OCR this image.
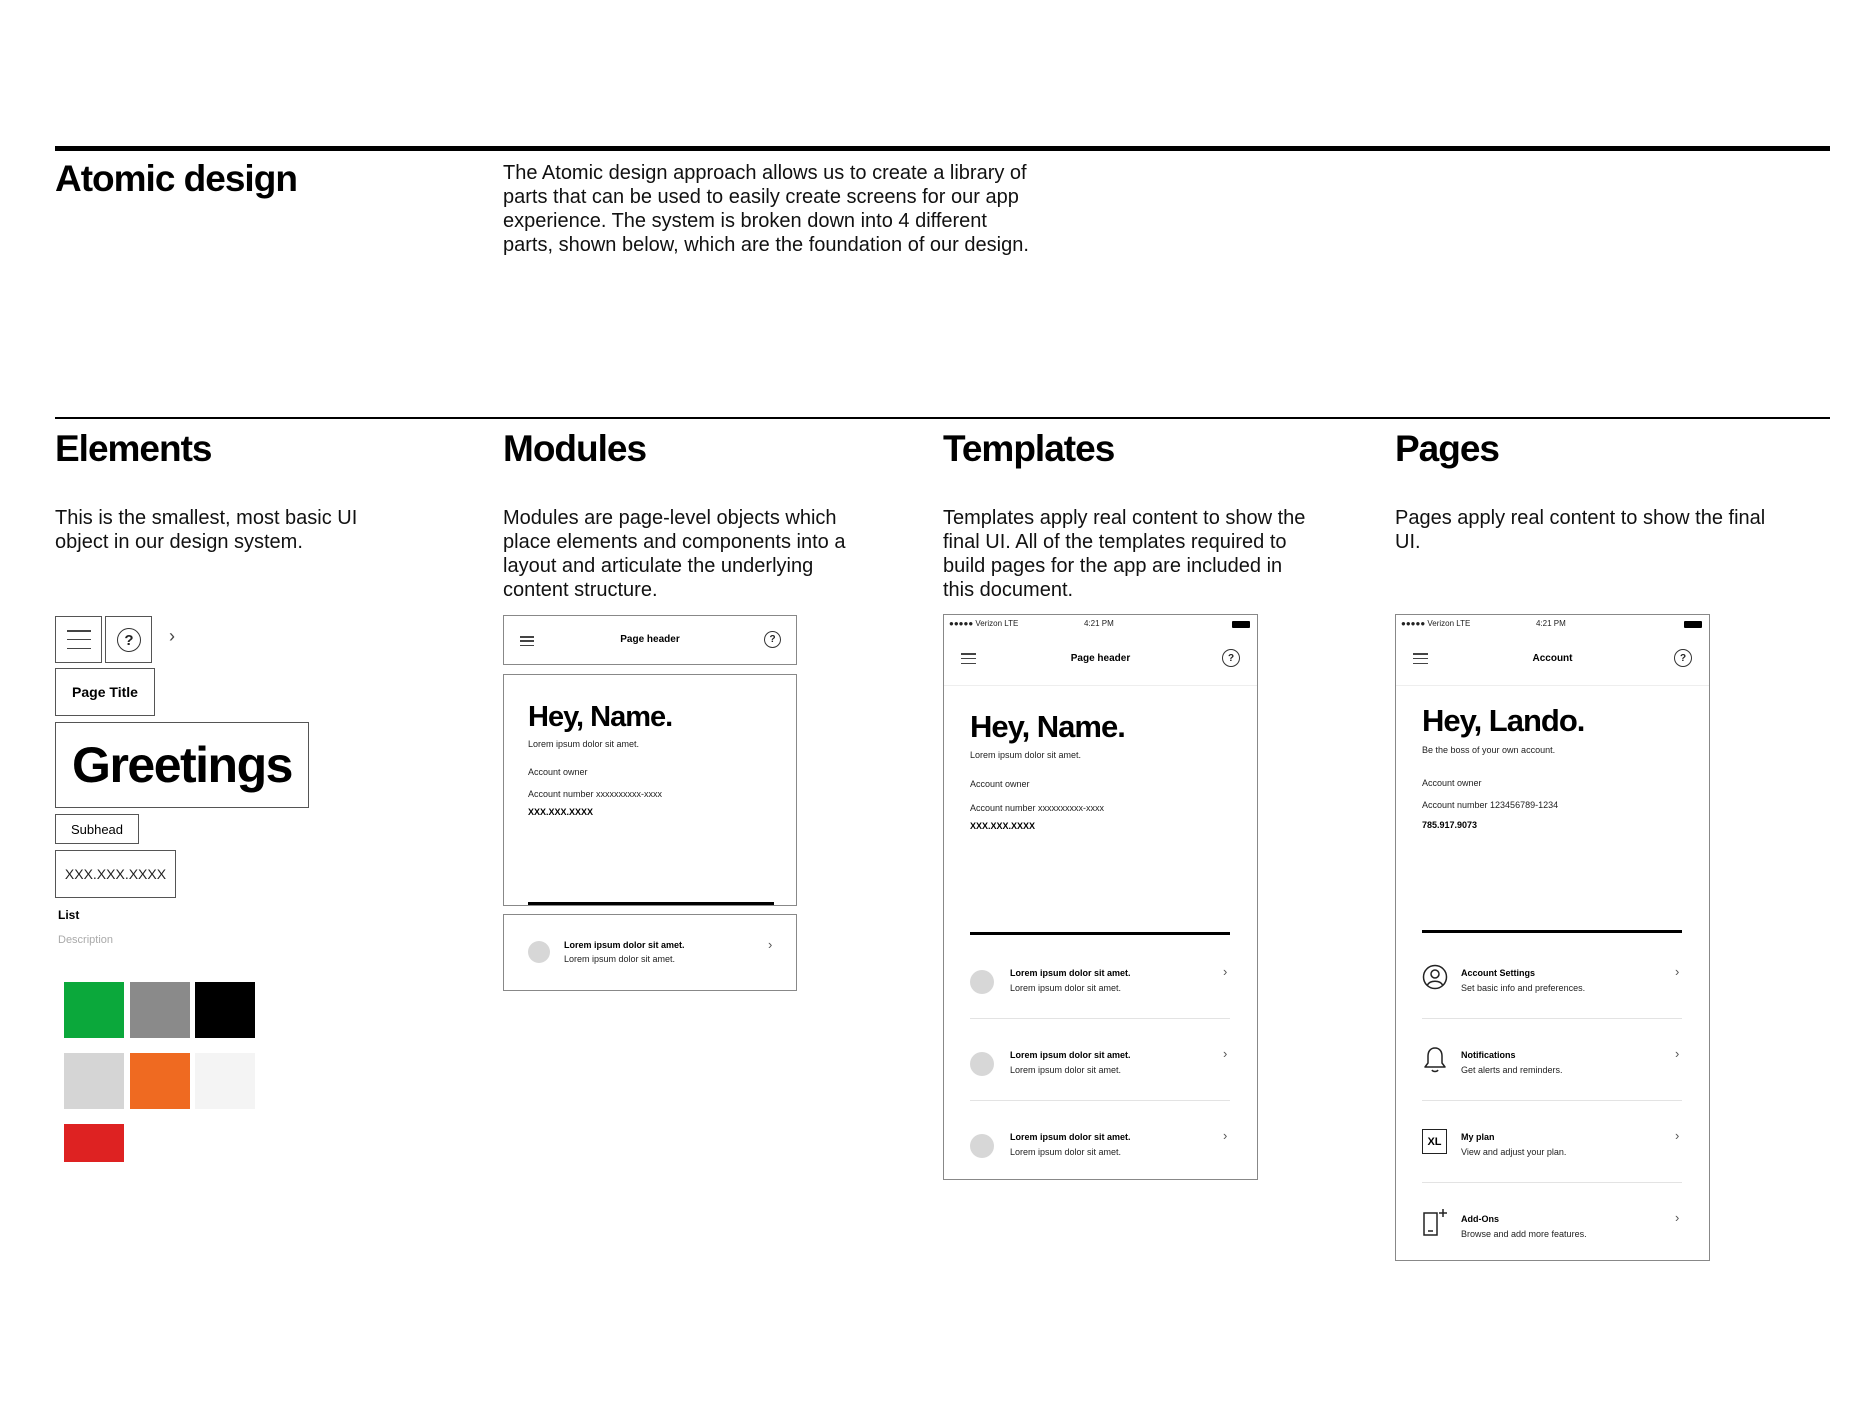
Atomic design	The Atomic design approach allows us to create a library of
parts that can be used to easily create screens for our app
experience. The system is broken down into 4 different
parts, shown below, which are the foundation of our design.
Elements	Modules	Templates	Pages
This is the smallest, most basic UI
object in our design system.
Modules are page-level objects which
place elements and components into a
layout and articulate the underlying
content structure.
Templates apply real content to show the
final UI. All of the templates required to
build pages for the app are included in
this document.
Pages apply real content to show the final
UI.
?	›
Page Title
Greetings
Subhead
XXX.XXX.XXXX
List
Description
Page header	?
Hey, Name.
Lorem ipsum dolor sit amet.
Account owner
Account number xxxxxxxxxx-xxxx
XXX.XXX.XXXX
Lorem ipsum dolor sit amet.
Lorem ipsum dolor sit amet.
›
●●●●● Verizon LTE	4:21 PM
Page header	?
Hey, Name.
Lorem ipsum dolor sit amet.
Account owner
Account number xxxxxxxxxx-xxxx
XXX.XXX.XXXX
Lorem ipsum dolor sit amet.
Lorem ipsum dolor sit amet.
›
Lorem ipsum dolor sit amet.
Lorem ipsum dolor sit amet.
›
Lorem ipsum dolor sit amet.
Lorem ipsum dolor sit amet.
›
●●●●● Verizon LTE	4:21 PM
Account	?
Hey, Lando.
Be the boss of your own account.
Account owner
Account number 123456789-1234
785.917.9073
Account Settings
Set basic info and preferences.
›
Notifications
Get alerts and reminders.
›
XL	My plan
View and adjust your plan.
›
Add-Ons
Browse and add more features.
›
